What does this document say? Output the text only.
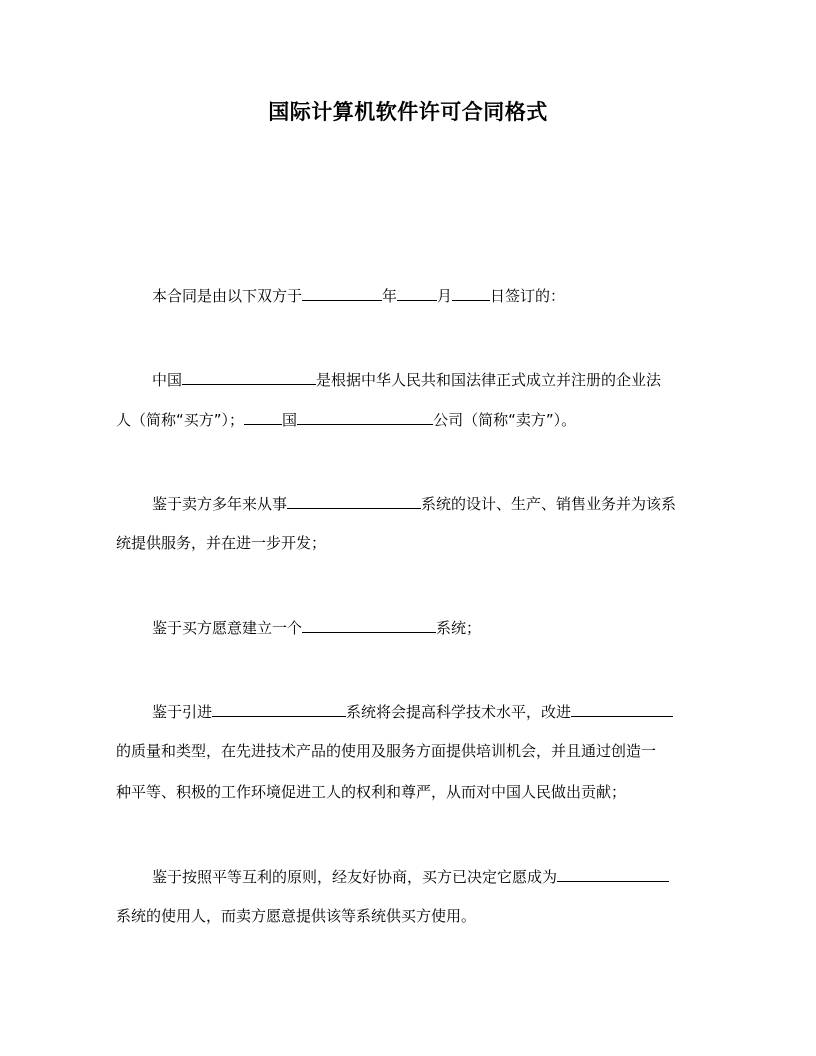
国际计算机软件许可合同格式

本合同是由以下双方于	年	月	日签订的：

中国	是根据中华人民共和国法律正式成立并注册的企业法

人（简称“买方”）；	国	公司（简称“卖方”）。

鉴于卖方多年来从事	系统的设计、生产、销售业务并为该系

统提供服务，并在进一步开发；

鉴于买方愿意建立一个	系统；

鉴于引进	系统将会提高科学技术水平，改进

的质量和类型，在先进技术产品的使用及服务方面提供培训机会，并且通过创造一

种平等、积极的工作环境促进工人的权利和尊严，从而对中国人民做出贡献；

鉴于按照平等互利的原则，经友好协商，买方已决定它愿成为

系统的使用人，而卖方愿意提供该等系统供买方使用。
